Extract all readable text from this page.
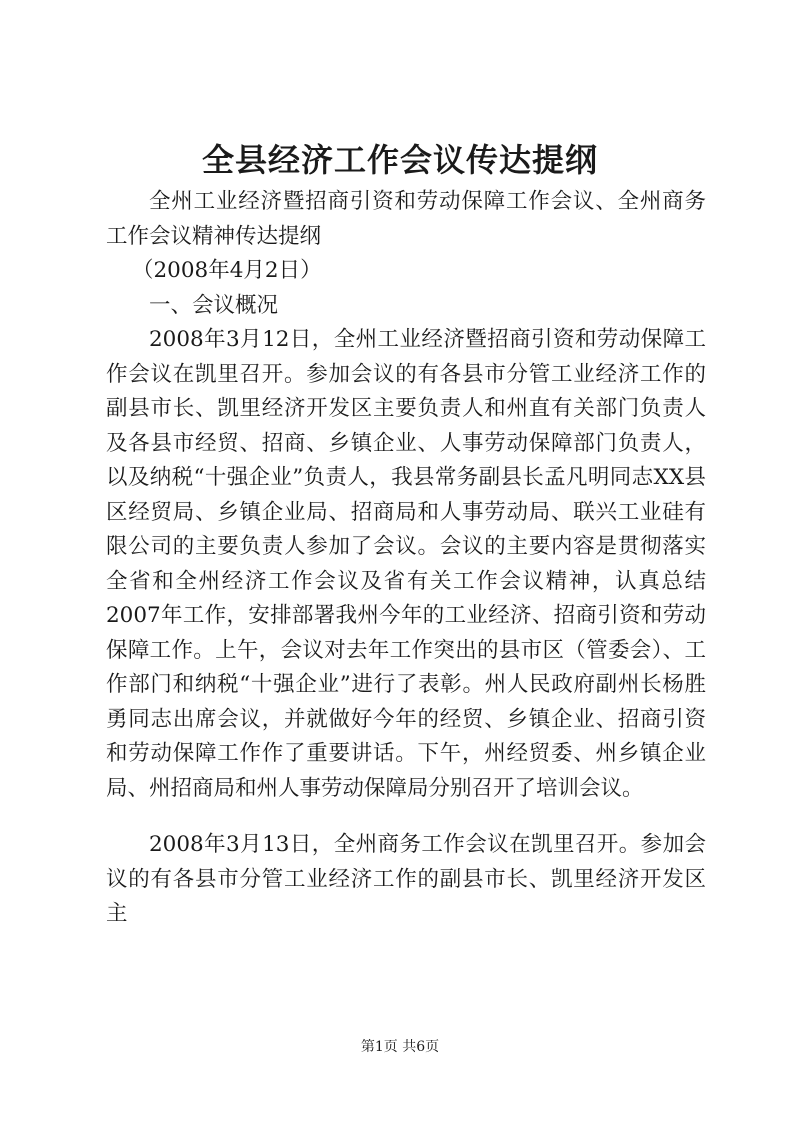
全县经济工作会议传达提纲

全州工业经济暨招商引资和劳动保障工作会议、全州商务工作会议精神传达提纲

（2008年4月2日）

一、会议概况

2008年3月12日，全州工业经济暨招商引资和劳动保障工作会议在凯里召开。参加会议的有各县市分管工业经济工作的副县市长、凯里经济开发区主要负责人和州直有关部门负责人及各县市经贸、招商、乡镇企业、人事劳动保障部门负责人，以及纳税“十强企业”负责人，我县常务副县长孟凡明同志XX县区经贸局、乡镇企业局、招商局和人事劳动局、联兴工业硅有限公司的主要负责人参加了会议。会议的主要内容是贯彻落实全省和全州经济工作会议及省有关工作会议精神，认真总结2007年工作，安排部署我州今年的工业经济、招商引资和劳动保障工作。上午，会议对去年工作突出的县市区（管委会）、工作部门和纳税“十强企业”进行了表彰。州人民政府副州长杨胜勇同志出席会议，并就做好今年的经贸、乡镇企业、招商引资和劳动保障工作作了重要讲话。下午，州经贸委、州乡镇企业局、州招商局和州人事劳动保障局分别召开了培训会议。

2008年3月13日，全州商务工作会议在凯里召开。参加会议的有各县市分管工业经济工作的副县市长、凯里经济开发区主

第1页 共6页
